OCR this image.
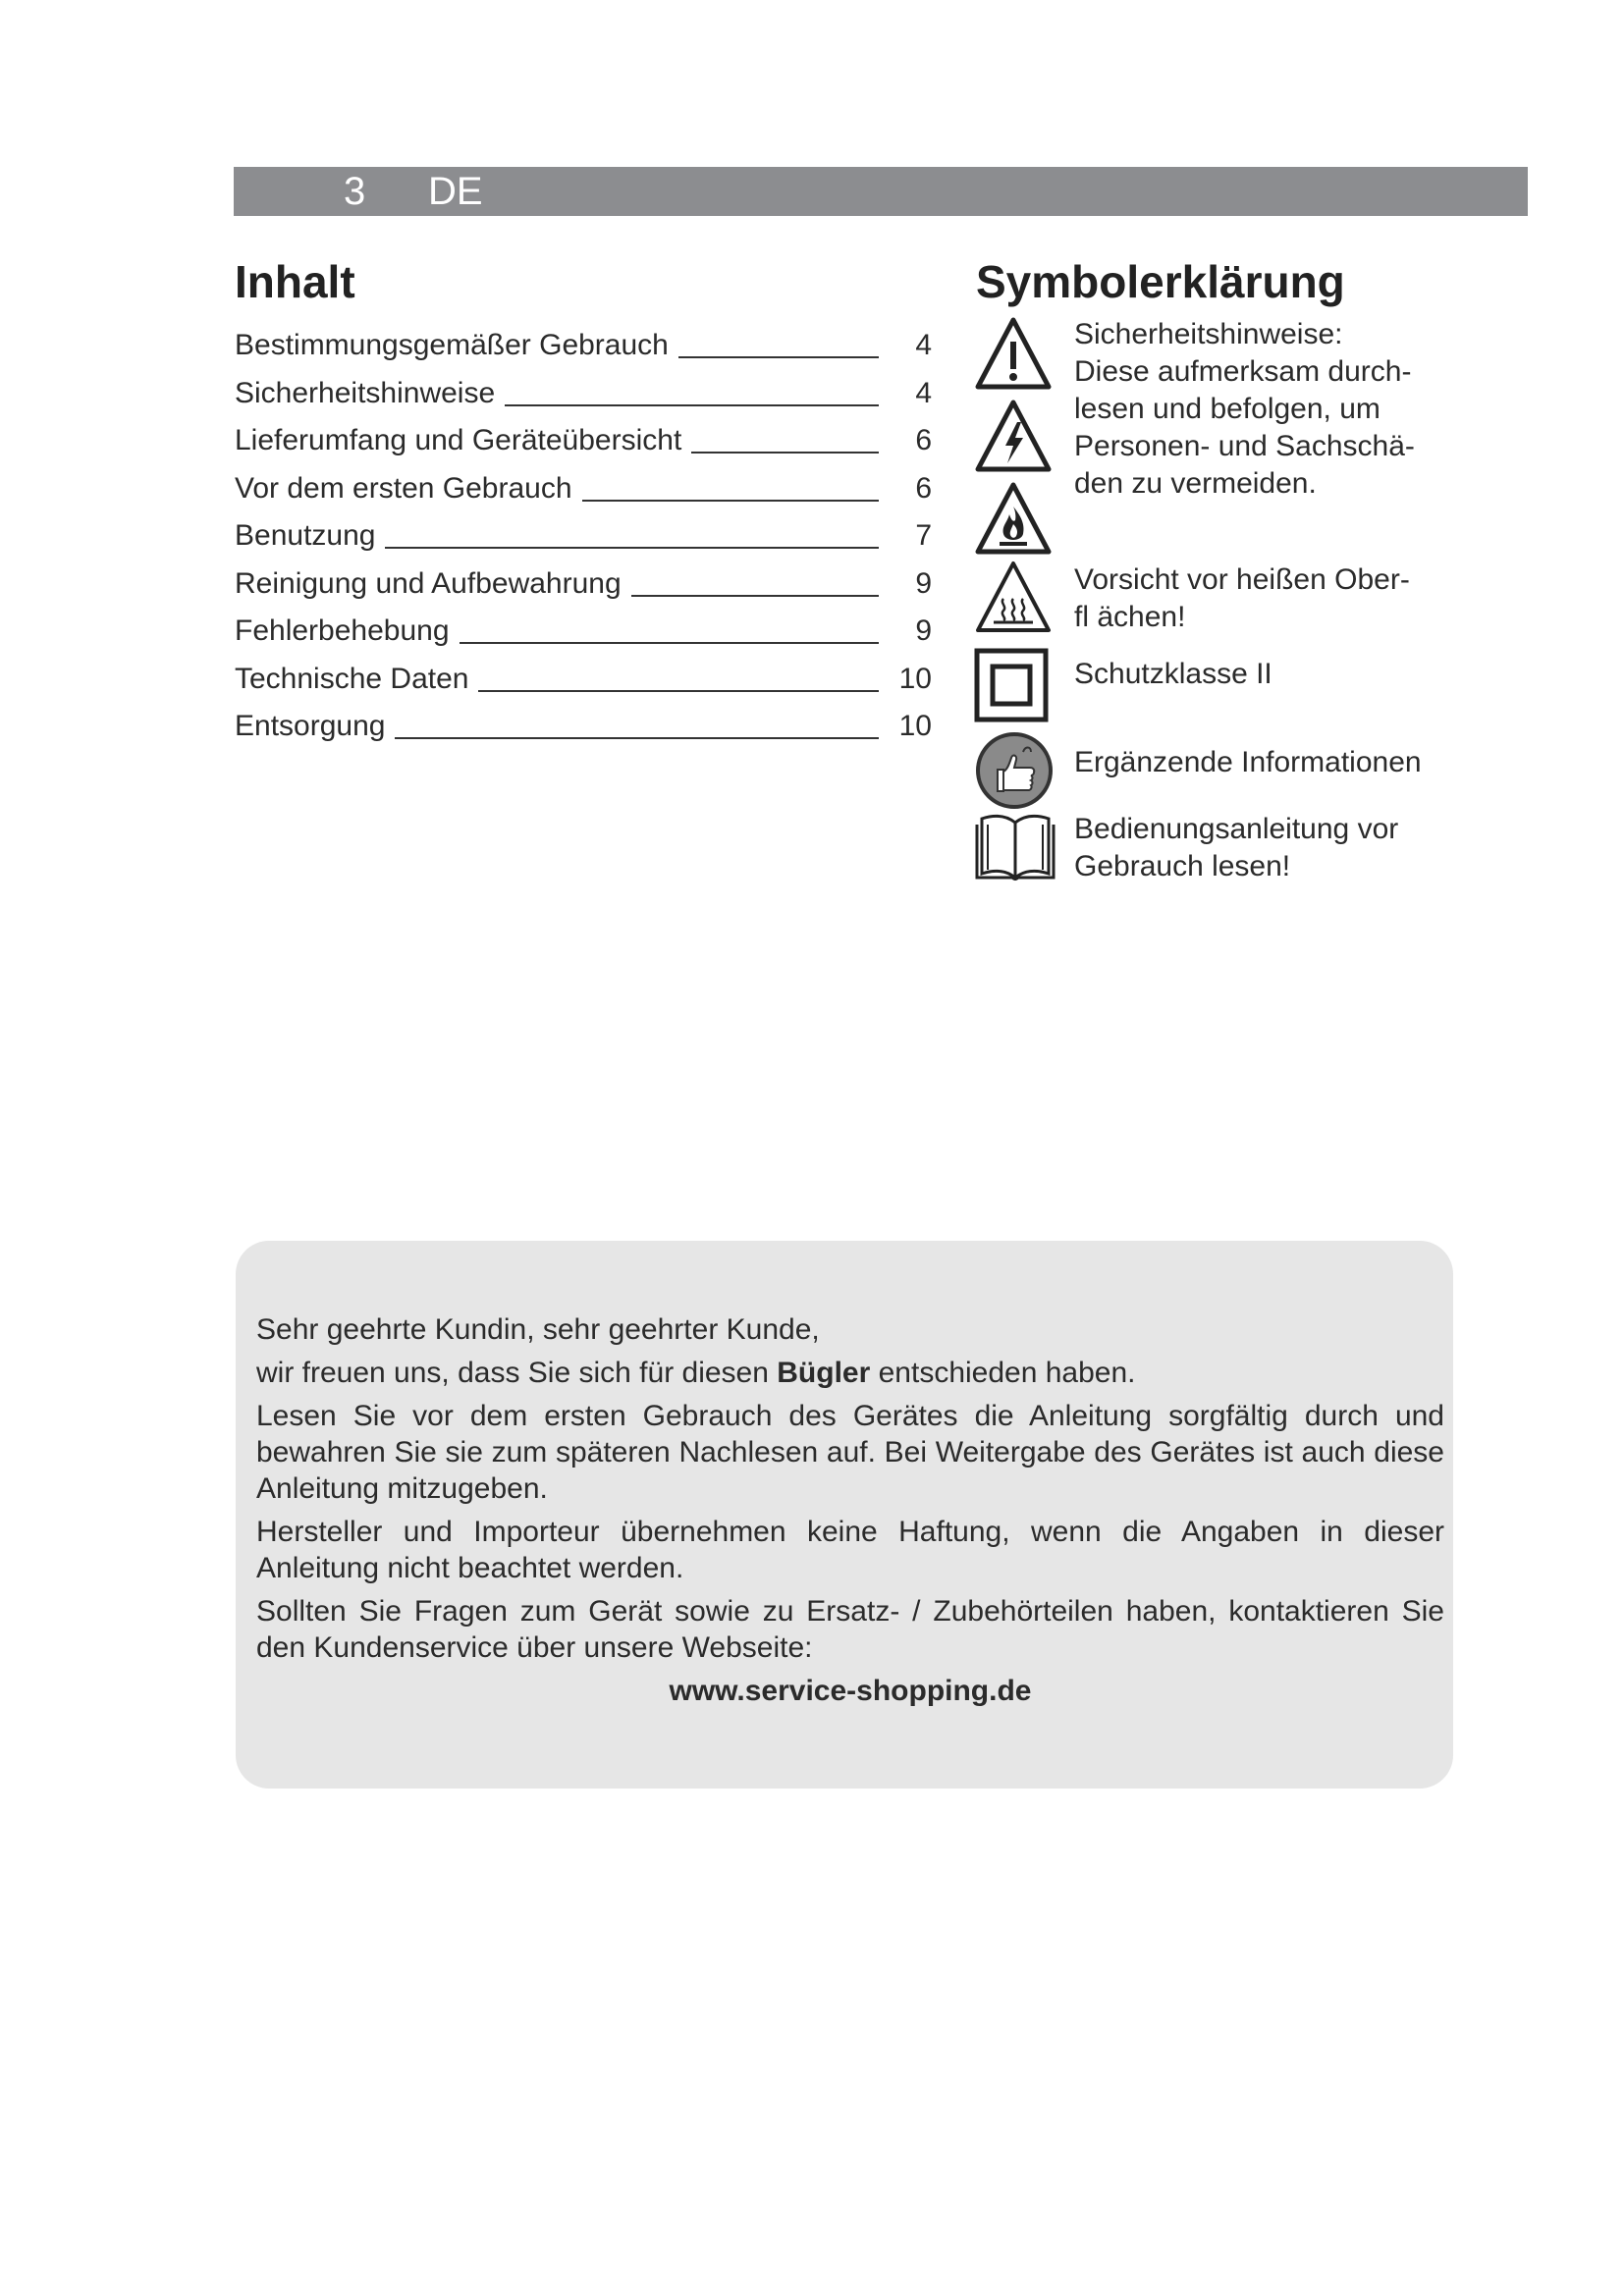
3 DE
Inhalt
Bestimmungsgemäßer Gebrauch	4
Sicherheitshinweise	4
Lieferumfang und Geräteübersicht	6
Vor dem ersten Gebrauch	6
Benutzung	7
Reinigung und Aufbewahrung	9
Fehlerbehebung	9
Technische Daten	10
Entsorgung	10
Symbolerklärung
Sicherheitshinweise:
Diese aufmerksam durch-
lesen und befolgen, um
Personen- und Sachschä-
den zu vermeiden.
Vorsicht vor heißen Ober-
fl ächen!
Schutzklasse II
Ergänzende Informationen
Bedienungsanleitung vor
Gebrauch lesen!

Sehr geehrte Kundin, sehr geehrter Kunde,

wir freuen uns, dass Sie sich für diesen Bügler entschieden haben.

Lesen Sie vor dem ersten Gebrauch des Gerätes die Anleitung sorgfältig durch und bewahren Sie sie zum späteren Nachlesen auf. Bei Weitergabe des Gerätes ist auch diese Anleitung mitzugeben.

Hersteller und Importeur übernehmen keine Haftung, wenn die Angaben in dieser Anleitung nicht beachtet werden.

Sollten Sie Fragen zum Gerät sowie zu Ersatz- / Zubehörteilen haben, kontaktieren Sie den Kundenservice über unsere Webseite:

www.service-shopping.de
